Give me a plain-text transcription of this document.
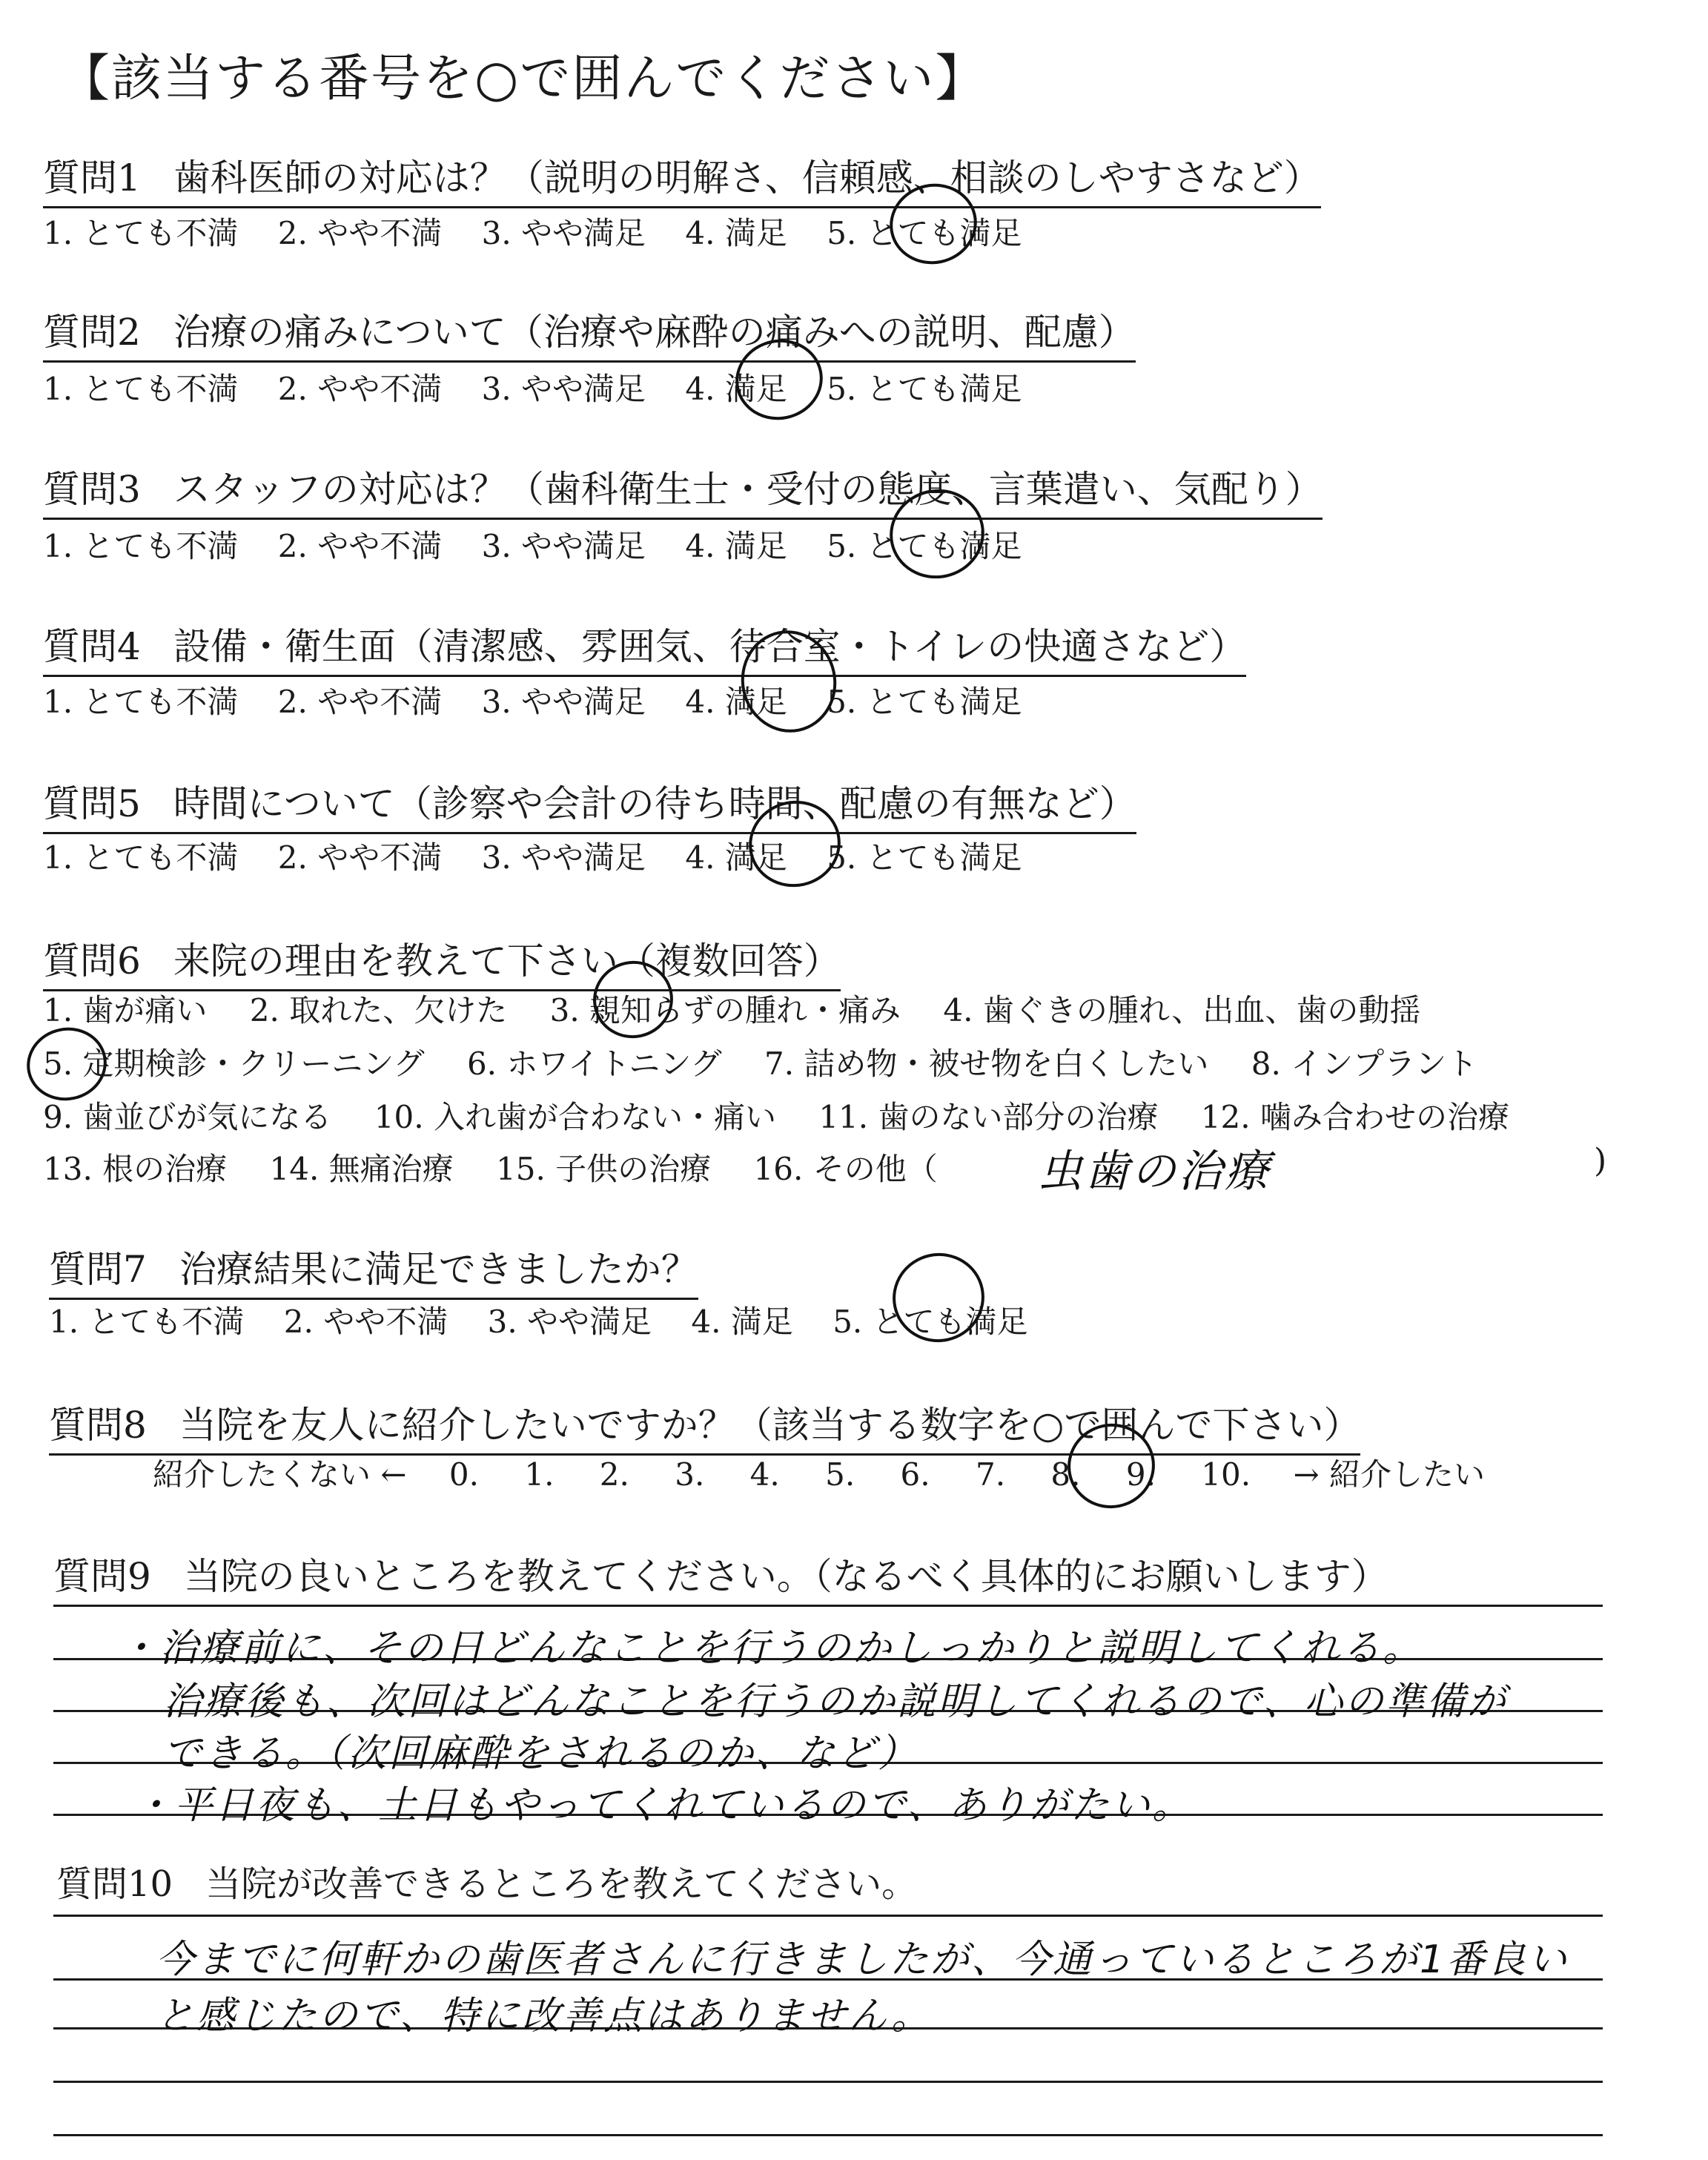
【該当する番号を○で囲んでください】
質問1 歯科医師の対応は？（説明の明解さ、信頼感、相談のしやすさなど）
1. とても不満 2. やや不満 3. やや満足 4. 満足 5. とても満足
質問2 治療の痛みについて（治療や麻酔の痛みへの説明、配慮）
1. とても不満 2. やや不満 3. やや満足 4. 満足 5. とても満足
質問3 スタッフの対応は？（歯科衛生士・受付の態度、言葉遣い、気配り）
1. とても不満 2. やや不満 3. やや満足 4. 満足 5. とても満足
質問4 設備・衛生面（清潔感、雰囲気、待合室・トイレの快適さなど）
1. とても不満 2. やや不満 3. やや満足 4. 満足 5. とても満足
質問5 時間について（診察や会計の待ち時間、配慮の有無など）
1. とても不満 2. やや不満 3. やや満足 4. 満足 5. とても満足
質問6 来院の理由を教えて下さい（複数回答）
1. 歯が痛い 2. 取れた、欠けた 3. 親知らずの腫れ・痛み 4. 歯ぐきの腫れ、出血、歯の動揺
5. 定期検診・クリーニング 6. ホワイトニング 7. 詰め物・被せ物を白くしたい 8. インプラント
9. 歯並びが気になる 10. 入れ歯が合わない・痛い 11. 歯のない部分の治療 12. 噛み合わせの治療
13. 根の治療 14. 無痛治療 15. 子供の治療 16. その他（	虫歯の治療	)
質問7 治療結果に満足できましたか？
1. とても不満 2. やや不満 3. やや満足 4. 満足 5. とても満足
質問8 当院を友人に紹介したいですか？（該当する数字を○で囲んで下さい）
紹介したくない ← 0. 1. 2. 3. 4. 5. 6. 7. 8. 9. 10. → 紹介したい
質問9 当院の良いところを教えてください。（なるべく具体的にお願いします）
・治療前に、その日どんなことを行うのかしっかりと説明してくれる。
治療後も、次回はどんなことを行うのか説明してくれるので、心の準備が
できる。（次回麻酔をされるのか、など）
・平日夜も、土日もやってくれているので、ありがたい。
質問10 当院が改善できるところを教えてください。
今までに何軒かの歯医者さんに行きましたが、今通っているところが1番良い
と感じたので、特に改善点はありません。
